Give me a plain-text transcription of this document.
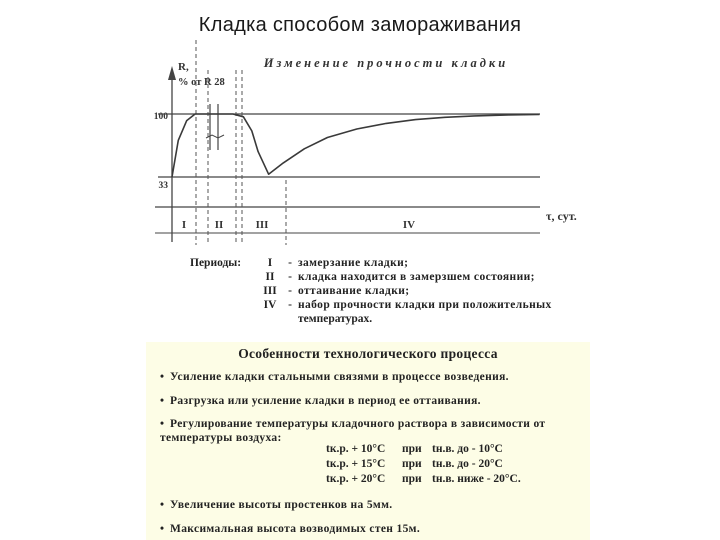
Кладка способом замораживания
Изменение прочности кладки
R,
% от R 28
τ, сут.
100
33
I	II	III	IV
Периоды:	I	- замерзание кладки;
II	- кладка находится в замерзшем состоянии;
III - оттаивание кладки;
IV	- набор прочности кладки при положительных
температурах.
Особенности технологического процесса
• Усиление кладки стальными связями в процессе возведения.
• Разгрузка или усиление кладки в период ее оттаивания.
• Регулирование температуры кладочного раствора в зависимости от температуры воздуха:
tк.р. + 10°С при tн.в. до - 10°С
tк.р. + 15°С при tн.в. до - 20°С
tк.р. + 20°С при tн.в. ниже - 20°С.
• Увеличение высоты простенков на 5мм.
• Максимальная высота возводимых стен 15м.
